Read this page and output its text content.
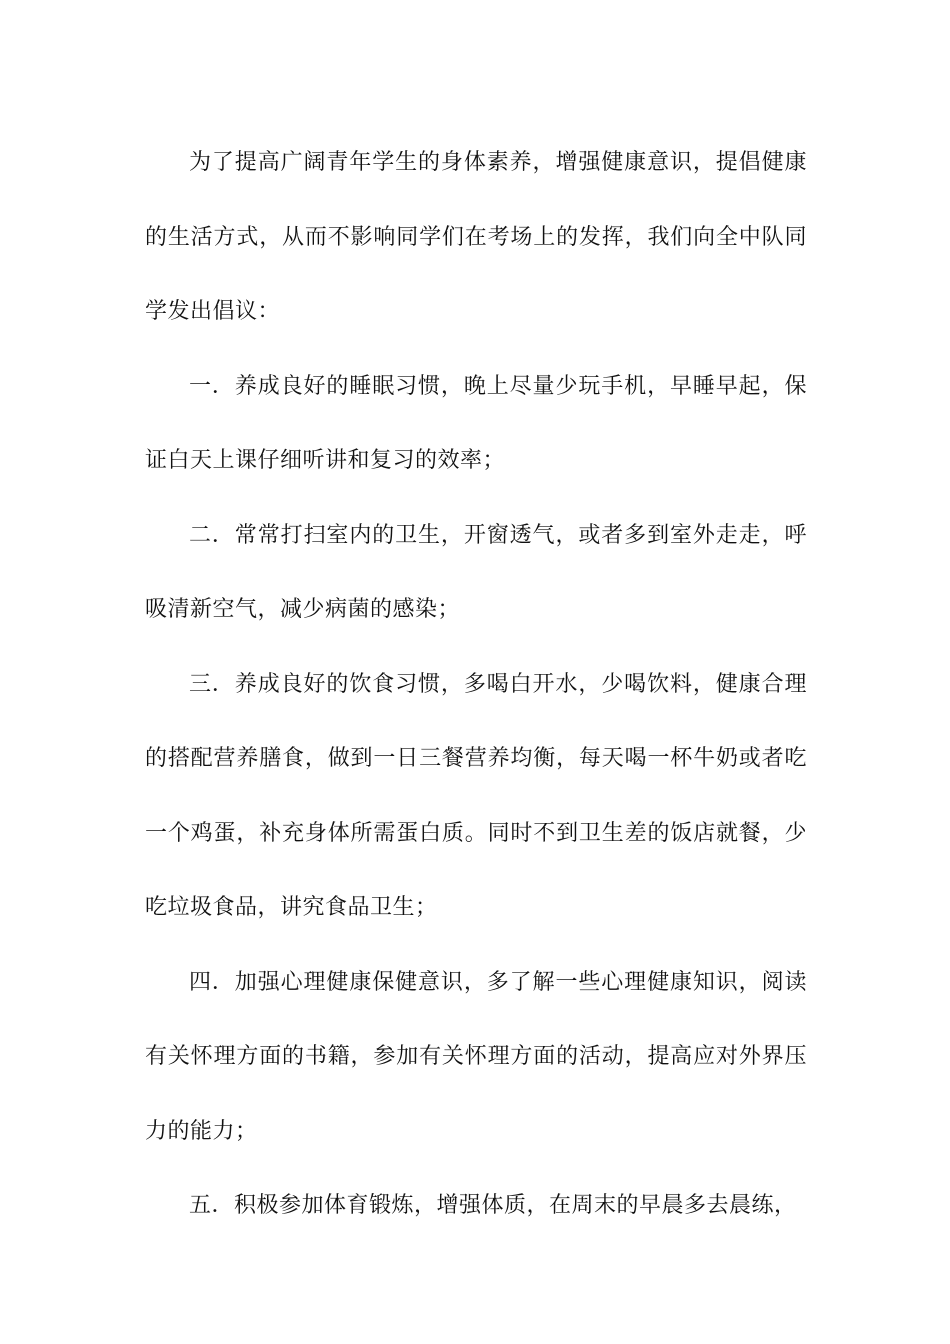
为了提高广阔青年学生的身体素养，增强健康意识，提倡健康的生活方式，从而不影响同学们在考场上的发挥，我们向全中队同学发出倡议：

一．养成良好的睡眠习惯，晚上尽量少玩手机，早睡早起，保证白天上课仔细听讲和复习的效率；

二．常常打扫室内的卫生，开窗透气，或者多到室外走走，呼吸清新空气，减少病菌的感染；

三．养成良好的饮食习惯，多喝白开水，少喝饮料，健康合理的搭配营养膳食，做到一日三餐营养均衡，每天喝一杯牛奶或者吃一个鸡蛋，补充身体所需蛋白质。同时不到卫生差的饭店就餐，少吃垃圾食品，讲究食品卫生；

四．加强心理健康保健意识，多了解一些心理健康知识，阅读有关怀理方面的书籍，参加有关怀理方面的活动，提高应对外界压力的能力；

五．积极参加体育锻炼，增强体质，在周末的早晨多去晨练，
